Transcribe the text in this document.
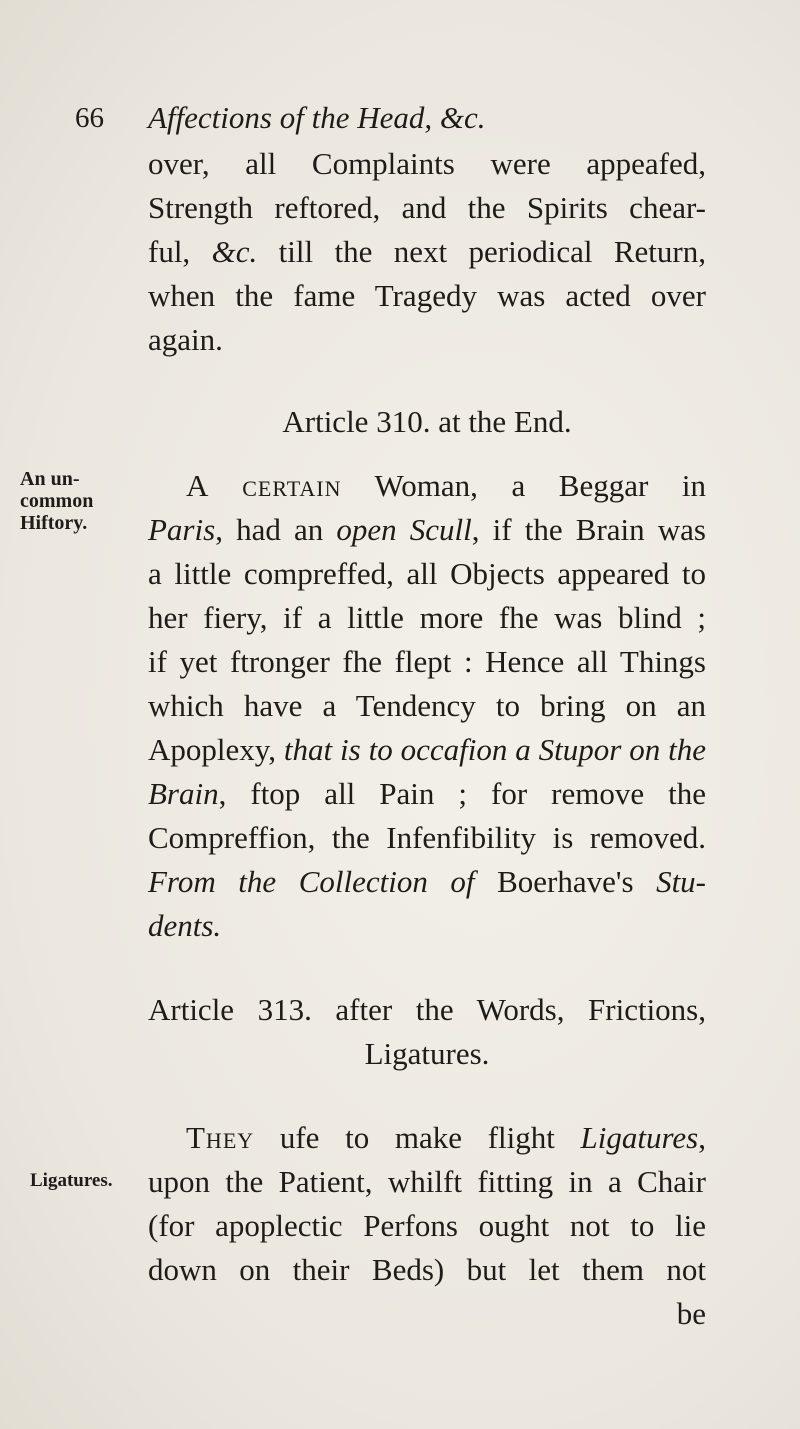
66 Affections of the Head, &c.
over, all Complaints were appeafed,
Strength reftored, and the Spirits chear-
ful, &c. till the next periodical Return,
when the fame Tragedy was acted over
again.
Article 310. at the End.
An un-
common
Hiftory.
A certain Woman, a Beggar in
Paris, had an open Scull, if the Brain was
a little compreffed, all Objects appeared to
her fiery, if a little more fhe was blind ;
if yet ftronger fhe flept : Hence all Things
which have a Tendency to bring on an
Apoplexy, that is to occafion a Stupor on the
Brain, ftop all Pain ; for remove the
Compreffion, the Infenfibility is removed.
From the Collection of Boerhave's Stu-
dents.
Article 313. after the Words, Frictions,
Ligatures.
They ufe to make flight Ligatures,
Ligatures.	upon the Patient, whilft fitting in a Chair
(for apoplectic Perfons ought not to lie
down on their Beds) but let them not
be
